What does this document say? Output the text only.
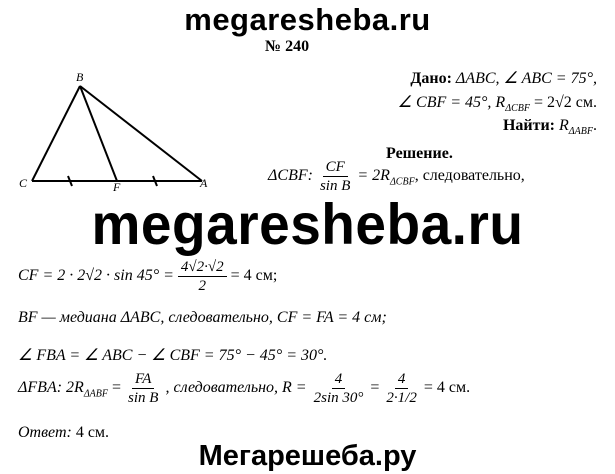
megaresheba.ru
megaresheba.ru
Мегарешеба.ру
№ 240
B
C	F	A
Дано: ΔABC, ∠ ABC = 75°,
∠ CBF = 45°, $R_{\Delta CBF} = 2√2$ см.
Найти: $R_{\Delta ABF}$.
Решение.
ΔCBF: $\frac{CF}{\text{sin B}} = 2R_{\Delta CBF}$, следовательно,
CF = $2 \cdot 2√2 \cdot \sin 45^\circ = \frac{4√2\cdot√2}{2} = 4$ см;
BF — медиана ΔABC, следовательно, CF = FA = 4 см;
∠ FBA = ∠ ABC − ∠ CBF = 75° − 45° = 30°.
ΔFBA: $2R_{\Delta ABF} = \frac{FA}{\text{sin B}}$ , следовательно, $R = \frac{4}{2\sin 30^\circ} = \frac{4}{2\cdot 1/2} = 4$ см.
Ответ: 4 см.
